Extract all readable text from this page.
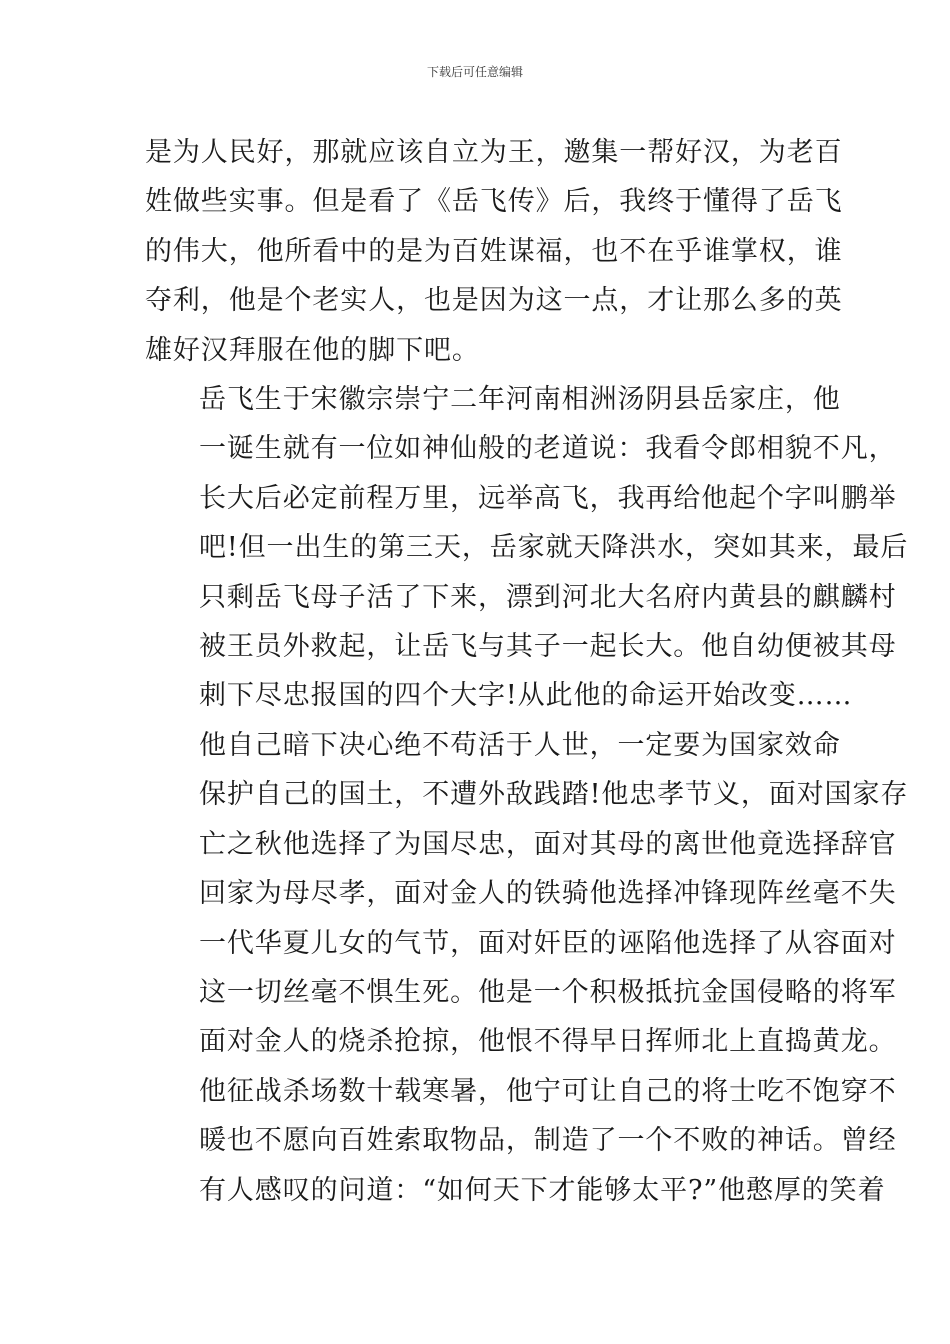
下载后可任意编辑

是为人民好，那就应该自立为王，邀集一帮好汉，为老百
姓做些实事。但是看了《岳飞传》后，我终于懂得了岳飞
的伟大，他所看中的是为百姓谋福，也不在乎谁掌权，谁
夺利，他是个老实人，也是因为这一点，才让那么多的英
雄好汉拜服在他的脚下吧。

岳飞生于宋徽宗崇宁二年河南相洲汤阴县岳家庄，他
一诞生就有一位如神仙般的老道说：我看令郎相貌不凡，
长大后必定前程万里，远举高飞，我再给他起个字叫鹏举
吧!但一出生的第三天，岳家就天降洪水，突如其来，最后
只剩岳飞母子活了下来，漂到河北大名府内黄县的麒麟村
被王员外救起，让岳飞与其子一起长大。他自幼便被其母
刺下尽忠报国的四个大字!从此他的命运开始改变……

他自己暗下决心绝不苟活于人世，一定要为国家效命
保护自己的国土，不遭外敌践踏!他忠孝节义，面对国家存
亡之秋他选择了为国尽忠，面对其母的离世他竟选择辞官
回家为母尽孝，面对金人的铁骑他选择冲锋现阵丝毫不失
一代华夏儿女的气节，面对奸臣的诬陷他选择了从容面对
这一切丝毫不惧生死。他是一个积极抵抗金国侵略的将军
面对金人的烧杀抢掠，他恨不得早日挥师北上直捣黄龙。
他征战杀场数十载寒暑，他宁可让自己的将士吃不饱穿不
暖也不愿向百姓索取物品，制造了一个不败的神话。曾经
有人感叹的问道：“如何天下才能够太平?”他憨厚的笑着
